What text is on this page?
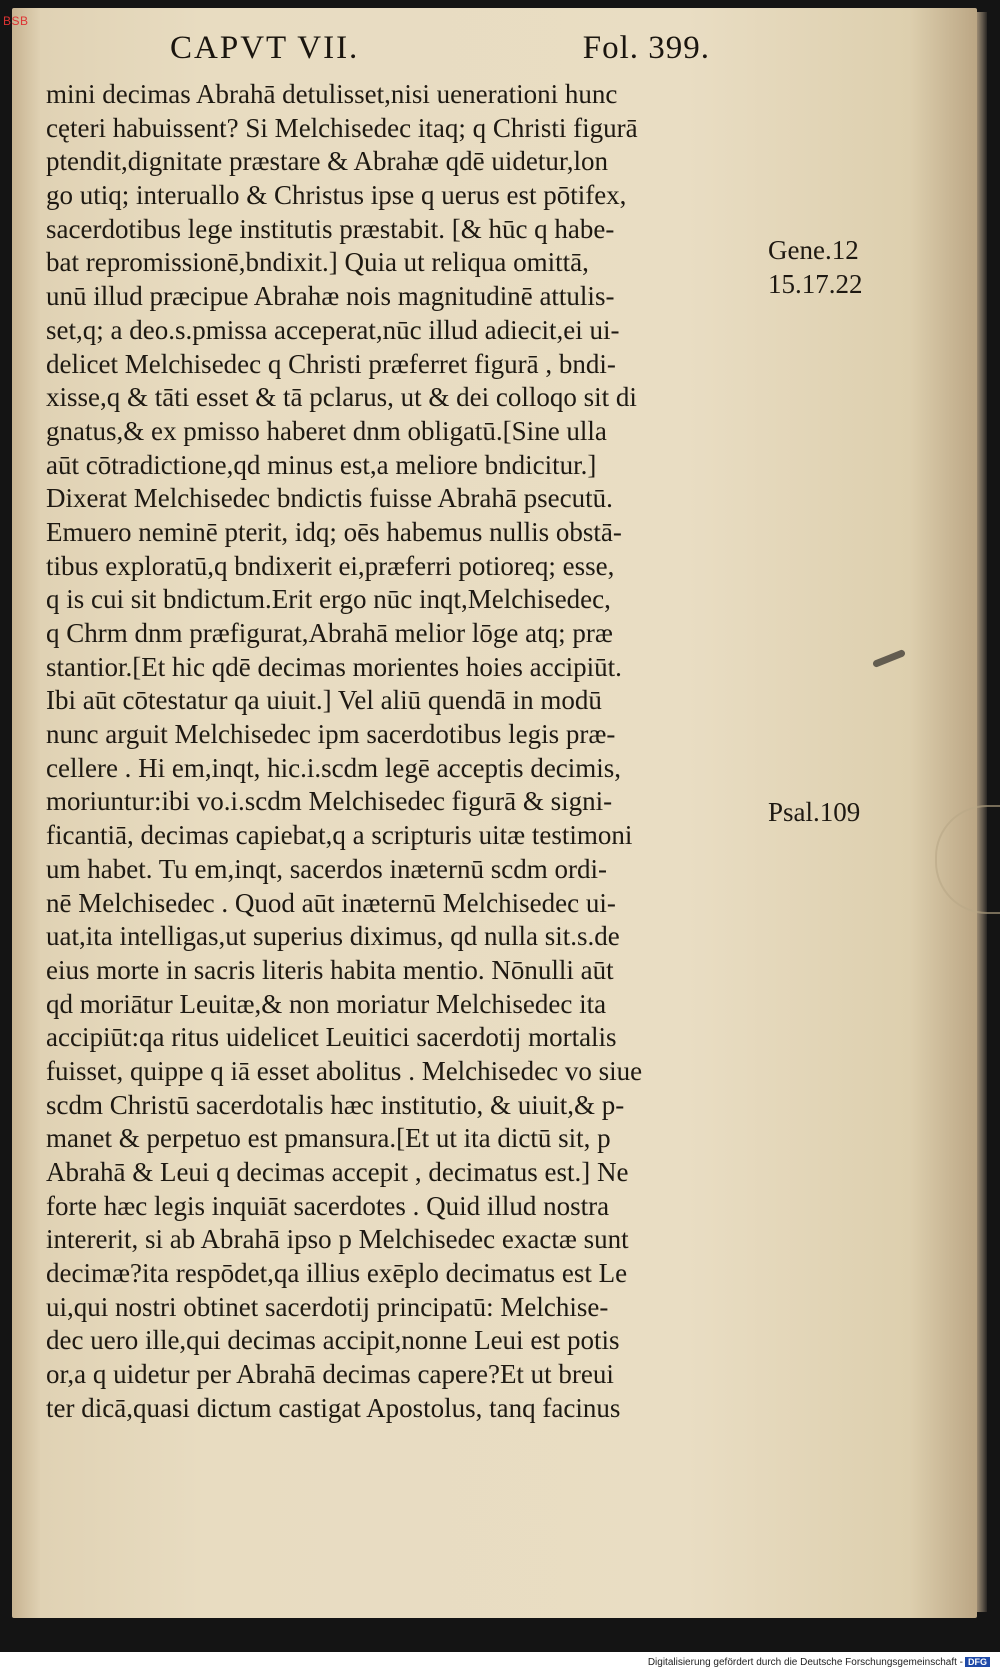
BSB
CAPVT VII.	Fol. 399.
mini decimas Abrahā detulisset,nisi uenerationi hunc
cęteri habuissent? Si Melchisedec itaq; q Christi figurā
ptendit,dignitate præstare & Abrahæ qdē uidetur,lon
go utiq; interuallo & Christus ipse q uerus est pōtifex,
sacerdotibus lege institutis præstabit. [& hūc q habe-
bat repromissionē,bndixit.] Quia ut reliqua omittā,
unū illud præcipue Abrahæ nois magnitudinē attulis-
set,q; a deo.s.pmissa acceperat,nūc illud adiecit,ei ui-
delicet Melchisedec q Christi præferret figurā , bndi-
xisse,q & tāti esset & tā pclarus, ut & dei colloqo sit di
gnatus,& ex pmisso haberet dnm obligatū.[Sine ulla
aūt cōtradictione,qd minus est,a meliore bndicitur.]
Dixerat Melchisedec bndictis fuisse Abrahā psecutū.
Emuero neminē pterit, idq; oēs habemus nullis obstā-
tibus exploratū,q bndixerit ei,præferri potioreq; esse,
q is cui sit bndictum.Erit ergo nūc inqt,Melchisedec,
q Chrm dnm præfigurat,Abrahā melior lōge atq; præ
stantior.[Et hic qdē decimas morientes hoies accipiūt.
Ibi aūt cōtestatur qa uiuit.] Vel aliū quendā in modū
nunc arguit Melchisedec ipm sacerdotibus legis præ-
cellere . Hi em,inqt, hic.i.scdm legē acceptis decimis,
moriuntur:ibi vo.i.scdm Melchisedec figurā & signi-
ficantiā, decimas capiebat,q a scripturis uitæ testimoni
um habet. Tu em,inqt, sacerdos inæternū scdm ordi-
nē Melchisedec . Quod aūt inæternū Melchisedec ui-
uat,ita intelligas,ut superius diximus, qd nulla sit.s.de
eius morte in sacris literis habita mentio. Nōnulli aūt
qd moriātur Leuitæ,& non moriatur Melchisedec ita
accipiūt:qa ritus uidelicet Leuitici sacerdotij mortalis
fuisset, quippe q iā esset abolitus . Melchisedec vo siue
scdm Christū sacerdotalis hæc institutio, & uiuit,& p-
manet & perpetuo est pmansura.[Et ut ita dictū sit, p
Abrahā & Leui q decimas accepit , decimatus est.] Ne
forte hæc legis inquiāt sacerdotes . Quid illud nostra
intererit, si ab Abrahā ipso p Melchisedec exactæ sunt
decimæ?ita respōdet,qa illius exēplo decimatus est Le
ui,qui nostri obtinet sacerdotij principatū: Melchise-
dec uero ille,qui decimas accipit,nonne Leui est potis
or,a q uidetur per Abrahā decimas capere?Et ut breui
ter dicā,quasi dictum castigat Apostolus, tanq facinus
Gene.12
15.17.22
Psal.109
Digitalisierung gefördert durch die Deutsche Forschungsgemeinschaft - DFG
